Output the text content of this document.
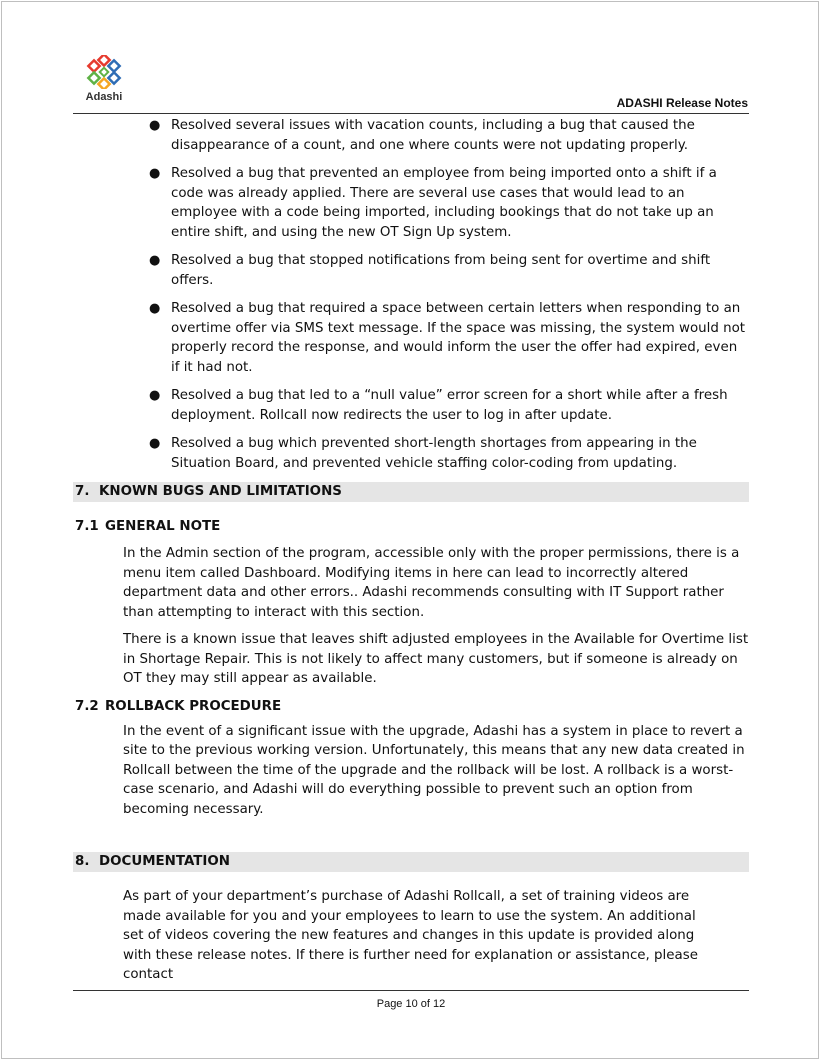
Adashi	ADASHI Release Notes
● Resolved several issues with vacation counts, including a bug that caused the disappearance of a count, and one where counts were not updating properly.
● Resolved a bug that prevented an employee from being imported onto a shift if a code was already applied. There are several use cases that would lead to an employee with a code being imported, including bookings that do not take up an entire shift, and using the new OT Sign Up system.
● Resolved a bug that stopped notifications from being sent for overtime and shift offers.
● Resolved a bug that required a space between certain letters when responding to an overtime offer via SMS text message. If the space was missing, the system would not properly record the response, and would inform the user the offer had expired, even if it had not.
● Resolved a bug that led to a “null value” error screen for a short while after a fresh deployment. Rollcall now redirects the user to log in after update.
● Resolved a bug which prevented short-length shortages from appearing in the Situation Board, and prevented vehicle staffing color-coding from updating.
7. KNOWN BUGS AND LIMITATIONS
7.1 GENERAL NOTE
In the Admin section of the program, accessible only with the proper permissions, there is a menu item called Dashboard. Modifying items in here can lead to incorrectly altered department data and other errors.. Adashi recommends consulting with IT Support rather than attempting to interact with this section.
There is a known issue that leaves shift adjusted employees in the Available for Overtime list in Shortage Repair. This is not likely to affect many customers, but if someone is already on OT they may still appear as available.
7.2 ROLLBACK PROCEDURE
In the event of a significant issue with the upgrade, Adashi has a system in place to revert a site to the previous working version. Unfortunately, this means that any new data created in Rollcall between the time of the upgrade and the rollback will be lost. A rollback is a worst-case scenario, and Adashi will do everything possible to prevent such an option from becoming necessary.
8. DOCUMENTATION
As part of your department’s purchase of Adashi Rollcall, a set of training videos are made available for you and your employees to learn to use the system. An additional set of videos covering the new features and changes in this update is provided along with these release notes. If there is further need for explanation or assistance, please contact
Page 10 of 12
